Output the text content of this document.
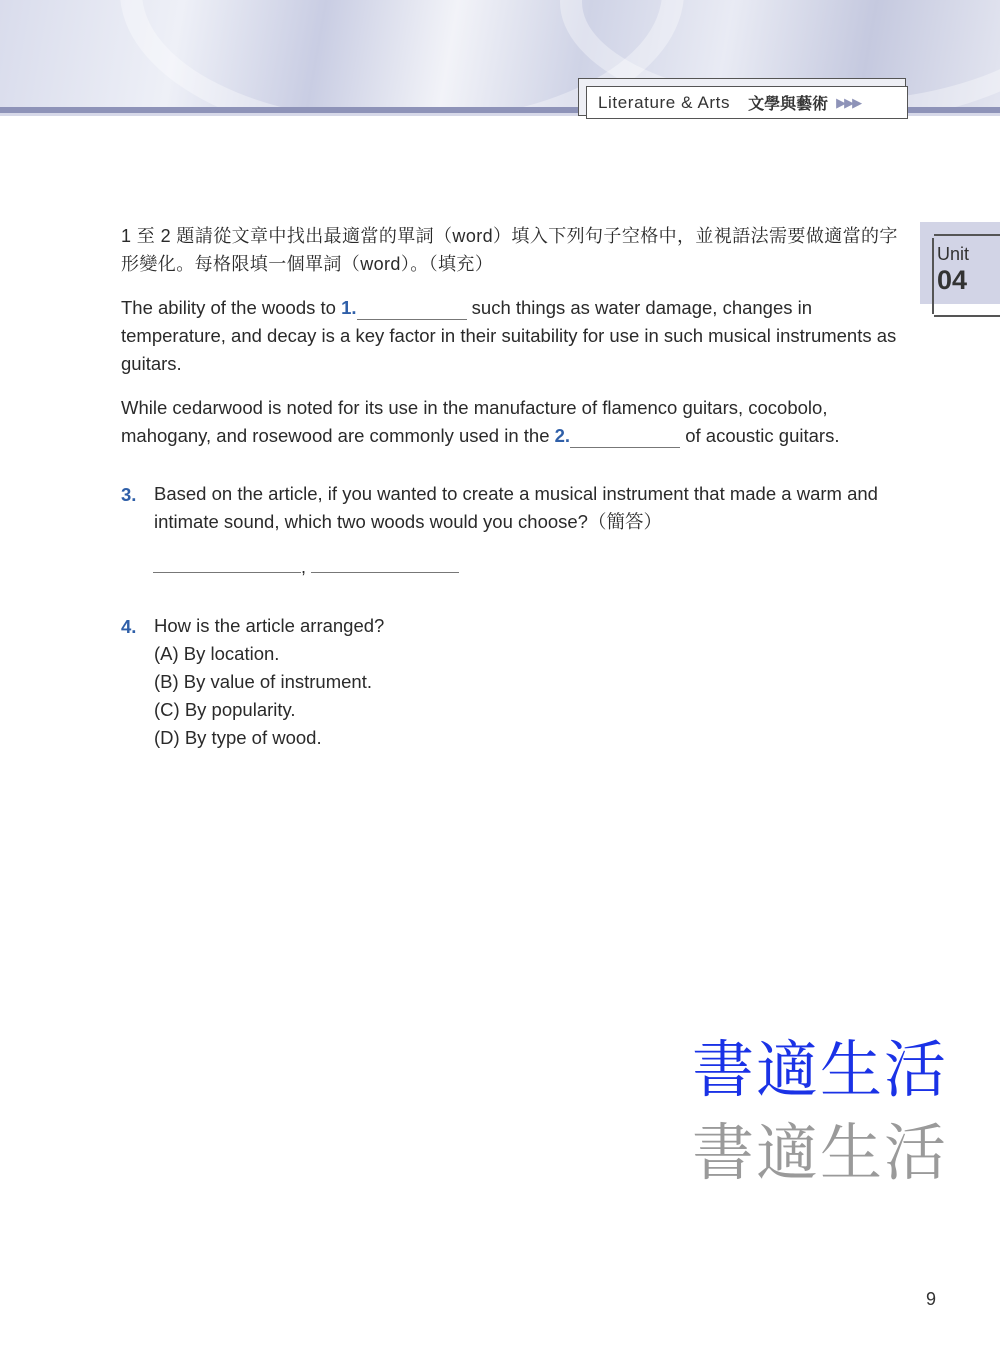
Literature & Arts 文學與藝術 ▶▶▶
Unit
04

1 至 2 題請從文章中找出最適當的單詞（word）填入下列句子空格中，並視語法需要做適當的字形變化。每格限填一個單詞（word）。（填充）

The ability of the woods to 1.	such things as water damage, changes in temperature, and decay is a key factor in their suitability for use in such musical instruments as guitars.

While cedarwood is noted for its use in the manufacture of flamenco guitars, cocobolo, mahogany, and rosewood are commonly used in the 2.	of acoustic guitars.

3. Based on the article, if you wanted to create a musical instrument that made a warm and intimate sound, which two woods would you choose?（簡答）
,
4. How is the article arranged?
(A) By location.
(B) By value of instrument.
(C) By popularity.
(D) By type of wood.
書適生活
書適生活
9
